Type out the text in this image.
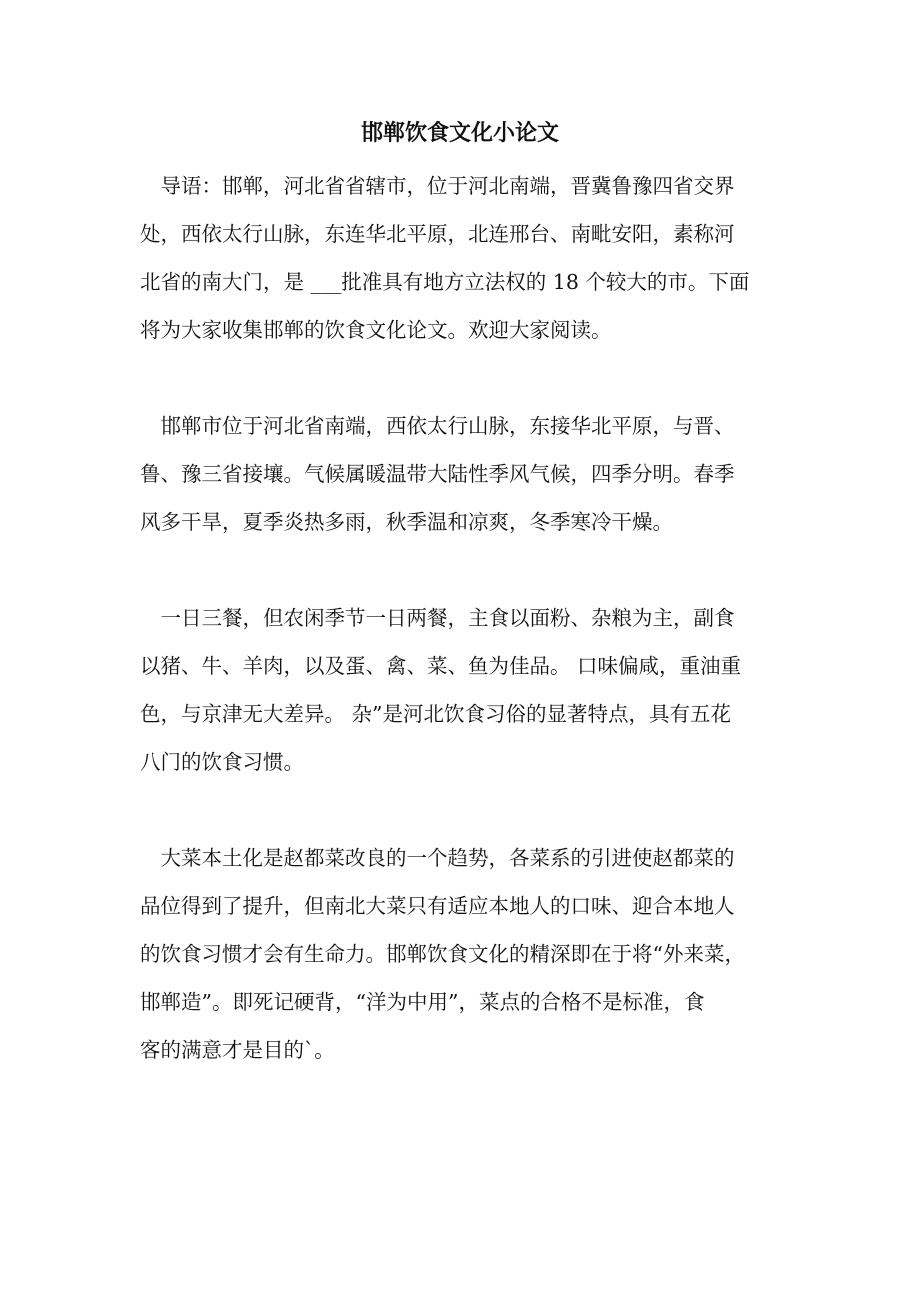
邯郸饮食文化小论文
　导语：邯郸，河北省省辖市，位于河北南端，晋冀鲁豫四省交界
处，西依太行山脉，东连华北平原，北连邢台、南毗安阳，素称河
北省的南大门，是 ___批准具有地方立法权的 18 个较大的市。下面
将为大家收集邯郸的饮食文化论文。欢迎大家阅读。
　邯郸市位于河北省南端，西依太行山脉，东接华北平原，与晋、
鲁、豫三省接壤。气候属暖温带大陆性季风气候，四季分明。春季
风多干旱，夏季炎热多雨，秋季温和凉爽，冬季寒冷干燥。
　一日三餐，但农闲季节一日两餐，主食以面粉、杂粮为主，副食
以猪、牛、羊肉，以及蛋、禽、菜、鱼为佳品。 口味偏咸，重油重
色，与京津无大差异。 杂”是河北饮食习俗的显著特点，具有五花
八门的饮食习惯。
　大菜本土化是赵都菜改良的一个趋势，各菜系的引进使赵都菜的
品位得到了提升，但南北大菜只有适应本地人的口味、迎合本地人
的饮食习惯才会有生命力。邯郸饮食文化的精深即在于将“外来菜，
邯郸造”。即死记硬背，“洋为中用”，菜点的合格不是标准，食
客的满意才是目的`。
